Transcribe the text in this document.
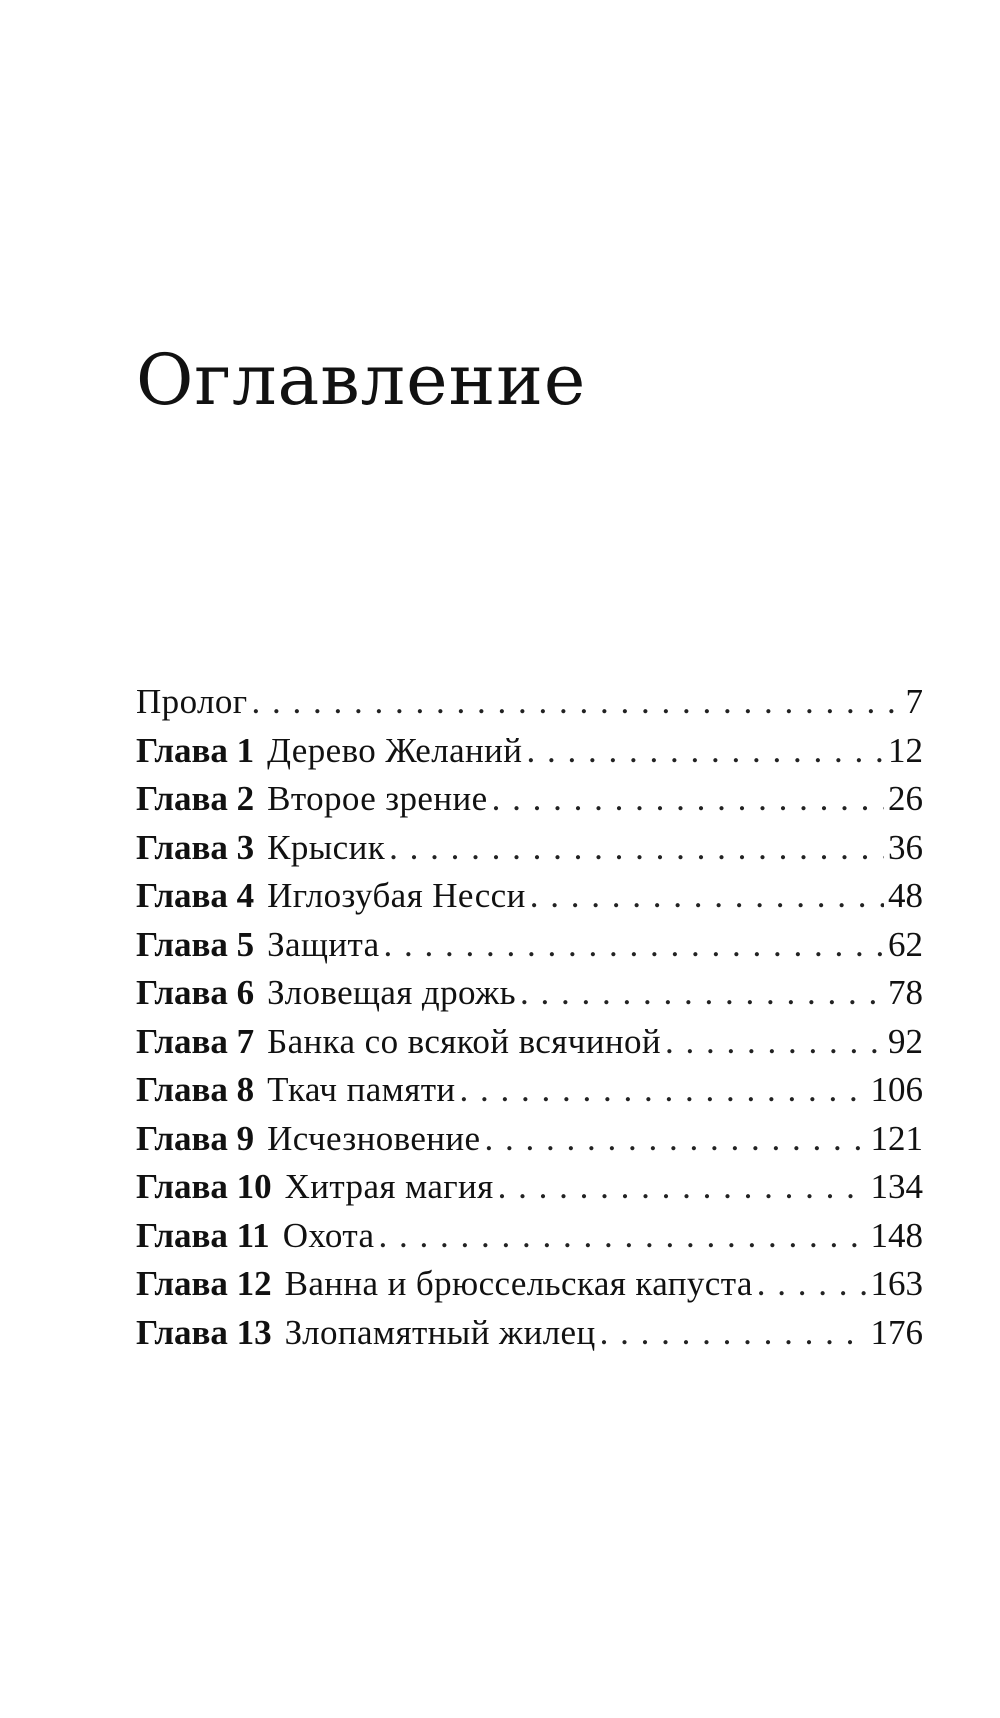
Оглавление
Пролог . . .	7
Глава 1 Дерево Желаний . . .	12
Глава 2 Второе зрение . . .	26
Глава 3 Крысик . . .	36
Глава 4 Иглозубая Несси . . .	48
Глава 5 Защита . . .	62
Глава 6 Зловещая дрожь . . .	78
Глава 7 Банка со всякой всячиной . . .	92
Глава 8 Ткач памяти . . .	106
Глава 9 Исчезновение . . .	121
Глава 10 Хитрая магия . . .	134
Глава 11 Охота . . .	148
Глава 12 Ванна и брюссельская капуста . . .	163
Глава 13 Злопамятный жилец . . .	176
